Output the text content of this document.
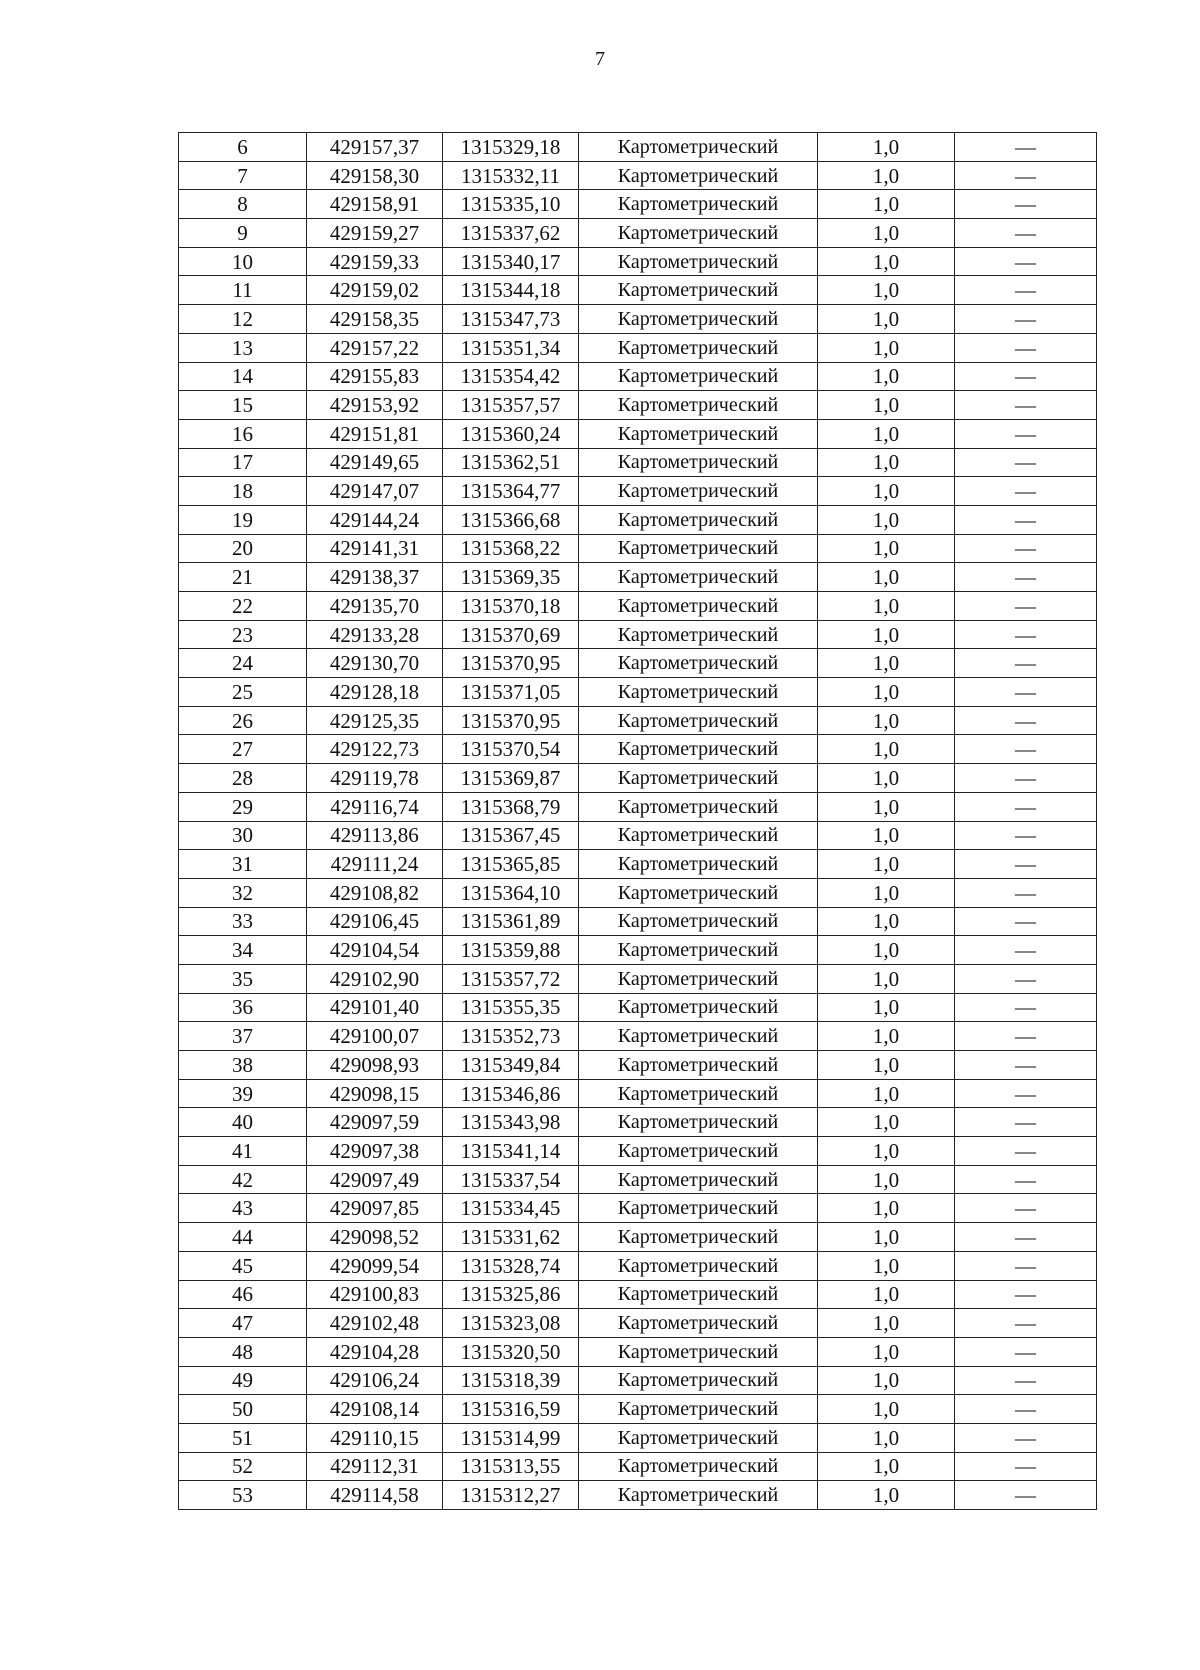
7
6	429157,37	1315329,18	Картометрический	1,0	—
7	429158,30	1315332,11	Картометрический	1,0	—
8	429158,91	1315335,10	Картометрический	1,0	—
9	429159,27	1315337,62	Картометрический	1,0	—
10	429159,33	1315340,17	Картометрический	1,0	—
11	429159,02	1315344,18	Картометрический	1,0	—
12	429158,35	1315347,73	Картометрический	1,0	—
13	429157,22	1315351,34	Картометрический	1,0	—
14	429155,83	1315354,42	Картометрический	1,0	—
15	429153,92	1315357,57	Картометрический	1,0	—
16	429151,81	1315360,24	Картометрический	1,0	—
17	429149,65	1315362,51	Картометрический	1,0	—
18	429147,07	1315364,77	Картометрический	1,0	—
19	429144,24	1315366,68	Картометрический	1,0	—
20	429141,31	1315368,22	Картометрический	1,0	—
21	429138,37	1315369,35	Картометрический	1,0	—
22	429135,70	1315370,18	Картометрический	1,0	—
23	429133,28	1315370,69	Картометрический	1,0	—
24	429130,70	1315370,95	Картометрический	1,0	—
25	429128,18	1315371,05	Картометрический	1,0	—
26	429125,35	1315370,95	Картометрический	1,0	—
27	429122,73	1315370,54	Картометрический	1,0	—
28	429119,78	1315369,87	Картометрический	1,0	—
29	429116,74	1315368,79	Картометрический	1,0	—
30	429113,86	1315367,45	Картометрический	1,0	—
31	429111,24	1315365,85	Картометрический	1,0	—
32	429108,82	1315364,10	Картометрический	1,0	—
33	429106,45	1315361,89	Картометрический	1,0	—
34	429104,54	1315359,88	Картометрический	1,0	—
35	429102,90	1315357,72	Картометрический	1,0	—
36	429101,40	1315355,35	Картометрический	1,0	—
37	429100,07	1315352,73	Картометрический	1,0	—
38	429098,93	1315349,84	Картометрический	1,0	—
39	429098,15	1315346,86	Картометрический	1,0	—
40	429097,59	1315343,98	Картометрический	1,0	—
41	429097,38	1315341,14	Картометрический	1,0	—
42	429097,49	1315337,54	Картометрический	1,0	—
43	429097,85	1315334,45	Картометрический	1,0	—
44	429098,52	1315331,62	Картометрический	1,0	—
45	429099,54	1315328,74	Картометрический	1,0	—
46	429100,83	1315325,86	Картометрический	1,0	—
47	429102,48	1315323,08	Картометрический	1,0	—
48	429104,28	1315320,50	Картометрический	1,0	—
49	429106,24	1315318,39	Картометрический	1,0	—
50	429108,14	1315316,59	Картометрический	1,0	—
51	429110,15	1315314,99	Картометрический	1,0	—
52	429112,31	1315313,55	Картометрический	1,0	—
53	429114,58	1315312,27	Картометрический	1,0	—
